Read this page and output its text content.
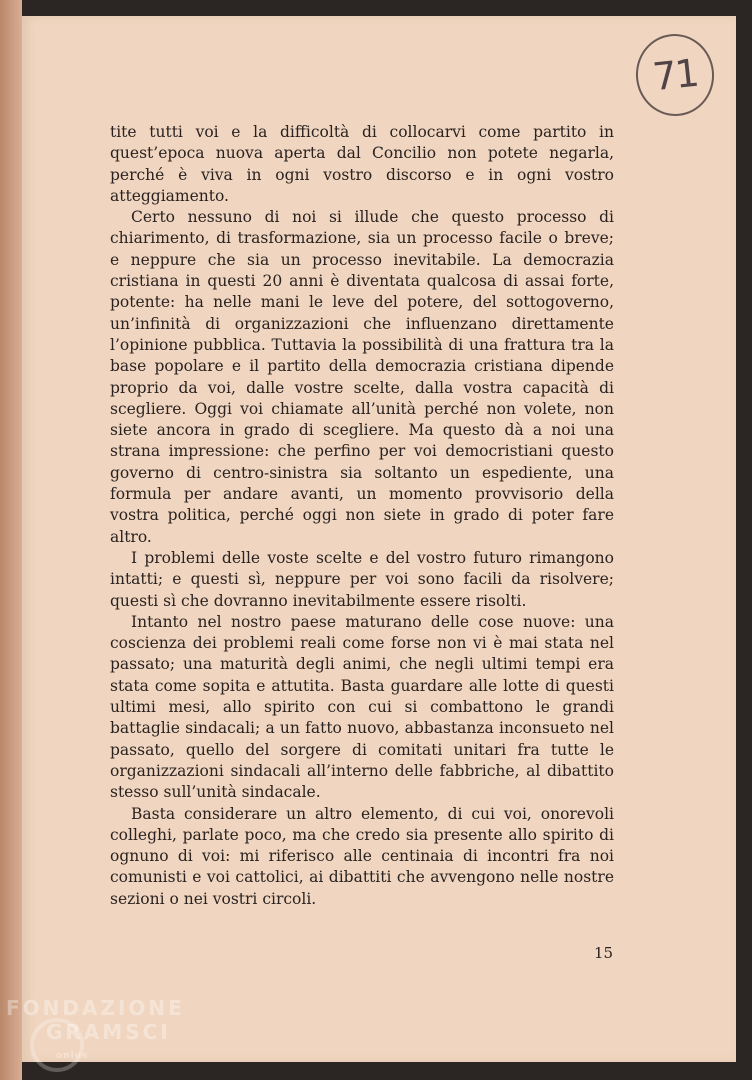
71

tite tutti voi e la difficoltà di collocarvi come partito in quest’epoca nuova aperta dal Concilio non potete negarla, perché è viva in ogni vostro discorso e in ogni vostro atteggiamento.

Certo nessuno di noi si illude che questo processo di chiarimento, di trasformazione, sia un processo facile o breve; e neppure che sia un processo inevitabile. La democrazia cristiana in questi 20 anni è diventata qualcosa di assai forte, potente: ha nelle mani le leve del potere, del sottogoverno, un’infinità di organizzazioni che influenzano direttamente l’opinione pubblica. Tuttavia la possibilità di una frattura tra la base popolare e il partito della democrazia cristiana dipende proprio da voi, dalle vostre scelte, dalla vostra capacità di scegliere. Oggi voi chiamate all’unità perché non volete, non siete ancora in grado di scegliere. Ma questo dà a noi una strana impressione: che perfino per voi democristiani questo governo di centro-sinistra sia soltanto un espediente, una formula per andare avanti, un momento provvisorio della vostra politica, perché oggi non siete in grado di poter fare altro.

I problemi delle voste scelte e del vostro futuro rimangono intatti; e questi sì, neppure per voi sono facili da risolvere; questi sì che dovranno inevitabilmente essere risolti.

Intanto nel nostro paese maturano delle cose nuove: una coscienza dei problemi reali come forse non vi è mai stata nel passato; una maturità degli animi, che negli ultimi tempi era stata come sopita e attutita. Basta guardare alle lotte di questi ultimi mesi, allo spirito con cui si combattono le grandi battaglie sindacali; a un fatto nuovo, abbastanza inconsueto nel passato, quello del sorgere di comitati unitari fra tutte le organizzazioni sindacali all’interno delle fabbriche, al dibattito stesso sull’unità sindacale.

Basta considerare un altro elemento, di cui voi, onorevoli colleghi, parlate poco, ma che credo sia presente allo spirito di ognuno di voi: mi riferisco alle centinaia di incontri fra noi comunisti e voi cattolici, ai dibattiti che avvengono nelle nostre sezioni o nei vostri circoli.

15
FONDAZIONE
GRAMSCI
onlus
